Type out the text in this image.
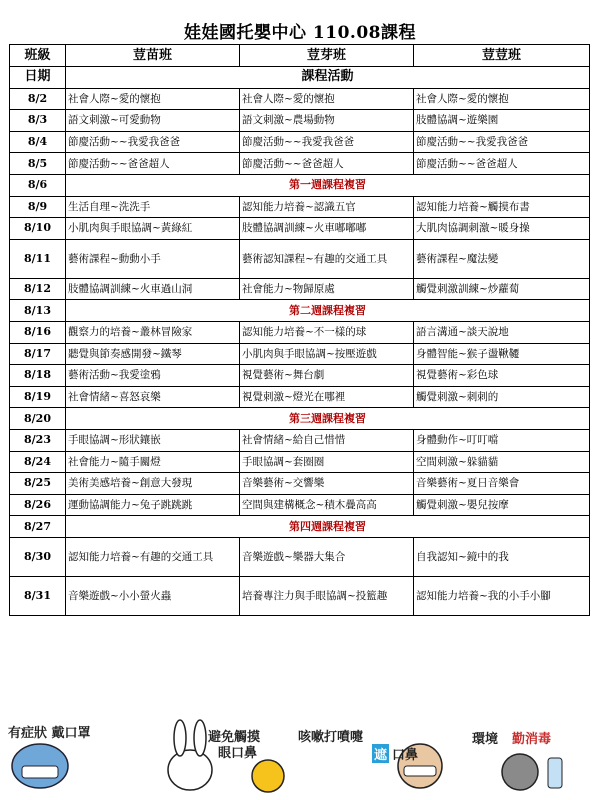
娃娃國托嬰中心 110.08課程
班級	荳苗班	荳芽班	荳荳班
日期	課程活動		
8/2	社會人際~愛的懷抱	社會人際~愛的懷抱	社會人際~愛的懷抱
8/3	語文刺激~可愛動物	語文刺激~農場動物	肢體協調~遊樂園
8/4	節慶活動~~我愛我爸爸	節慶活動~~我愛我爸爸	節慶活動~~我愛我爸爸
8/5	節慶活動~~爸爸超人	節慶活動~~爸爸超人	節慶活動~~爸爸超人
8/6	第一週課程複習		
8/9	生活自理~洗洗手	認知能力培養~認識五官	認知能力培養~觸摸布書
8/10	小肌肉與手眼協調~黃綠紅	肢體協調訓練~火車嘟嘟嘟	大肌肉協調刺激~暖身操
8/11	藝術課程~動動小手	藝術認知課程~有趣的交通工具	藝術課程~魔法變
8/12	肢體協調訓練~火車過山洞	社會能力~物歸原處	觸覺刺激訓練~炒蘿蔔
8/13	第二週課程複習		
8/16	觀察力的培養~叢林冒險家	認知能力培養~不一樣的球	語言溝通~談天說地
8/17	聽覺與節奏感開發~鐵琴	小肌肉與手眼協調~按壓遊戲	身體智能~猴子盪鞦韆
8/18	藝術活動~我愛塗鴉	視覺藝術~舞台劇	視覺藝術~彩色球
8/19	社會情緒~喜怒哀樂	視覺刺激~燈光在哪裡	觸覺刺激~刺刺的
8/20	第三週課程複習		
8/23	手眼協調~形狀鑲嵌	社會情緒~給自己惜惜	身體動作~叮叮噹
8/24	社會能力~隨手關燈	手眼協調~套圈圈	空間刺激~躲貓貓
8/25	美術美感培養~創意大發現	音樂藝術~交響樂	音樂藝術~夏日音樂會
8/26	運動協調能力~兔子跳跳跳	空間與建構概念~積木疊高高	觸覺刺激~嬰兒按摩
8/27	第四週課程複習		
8/30	認知能力培養~有趣的交通工具	音樂遊戲~樂器大集合	自我認知~鏡中的我
8/31	音樂遊戲~小小螢火蟲	培養專注力與手眼協調~投籃趣	認知能力培養~我的小手小腳
有症狀 戴口罩	避免觸摸
眼口鼻
咳嗽打噴嚏
遮 口鼻
環境 勤消毒
